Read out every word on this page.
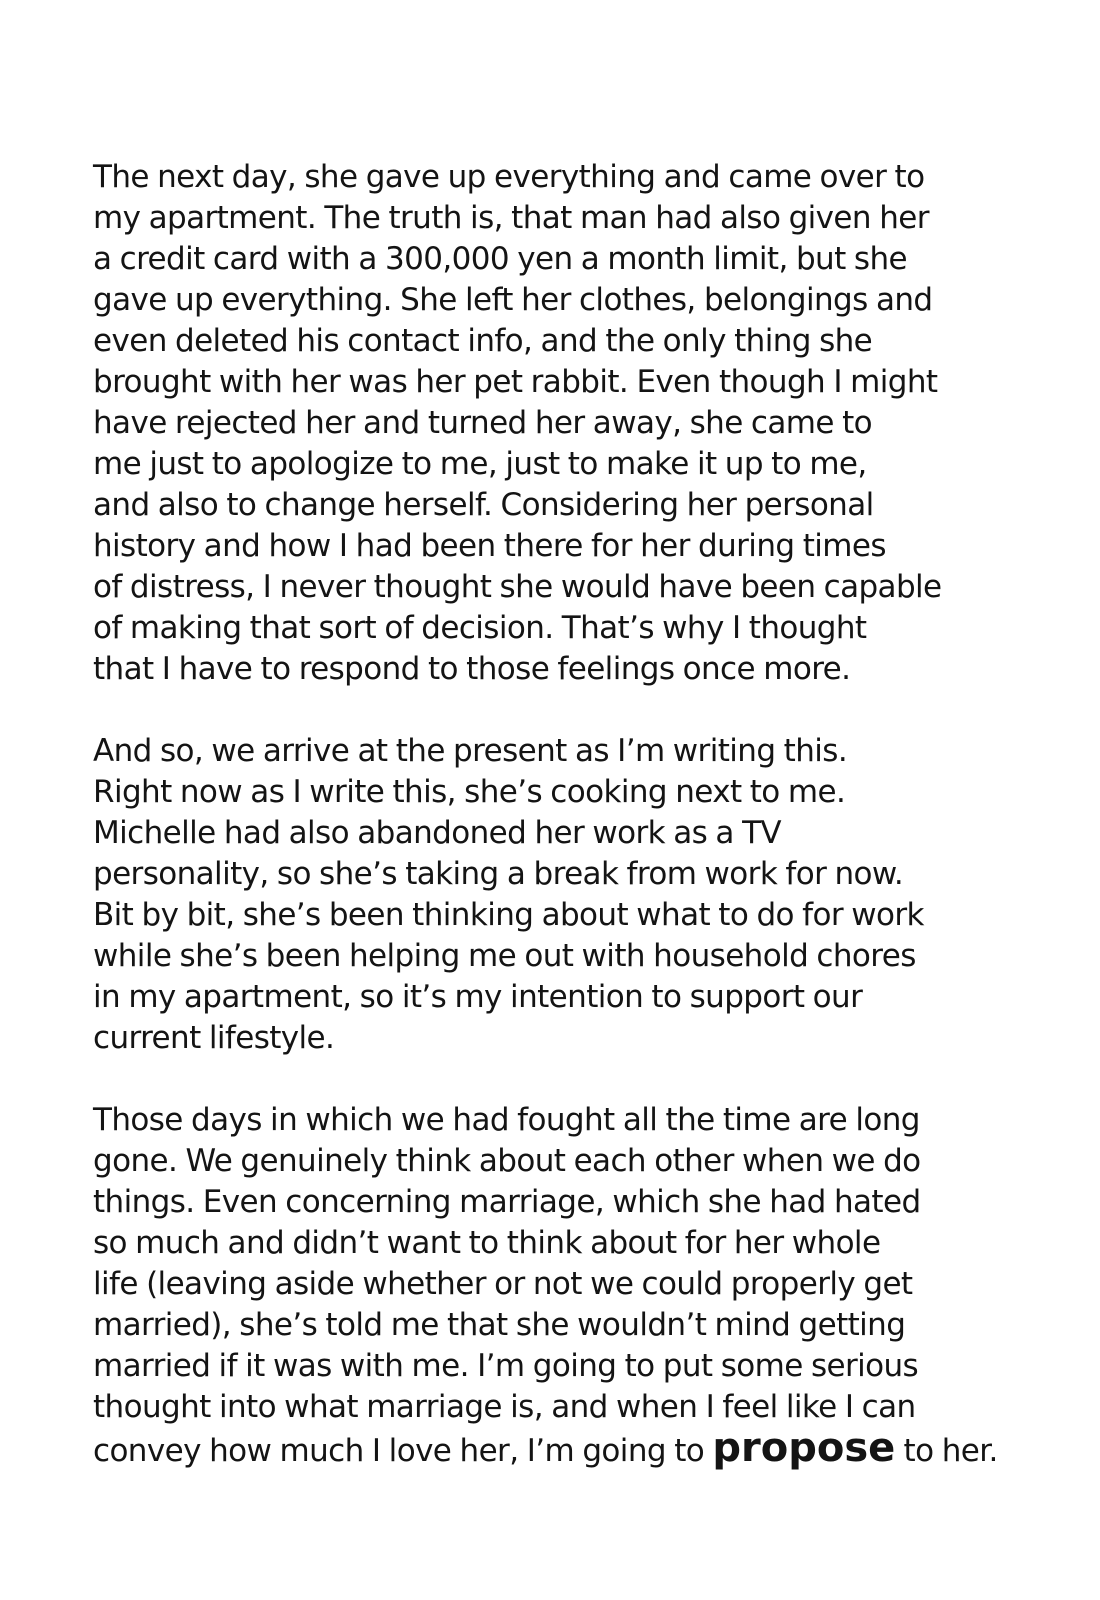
The next day, she gave up everything and came over to
my apartment. The truth is, that man had also given her
a credit card with a 300,000 yen a month limit, but she
gave up everything. She left her clothes, belongings and
even deleted his contact info, and the only thing she
brought with her was her pet rabbit. Even though I might
have rejected her and turned her away, she came to
me just to apologize to me, just to make it up to me,
and also to change herself. Considering her personal
history and how I had been there for her during times
of distress, I never thought she would have been capable
of making that sort of decision. That’s why I thought
that I have to respond to those feelings once more.
And so, we arrive at the present as I’m writing this.
Right now as I write this, she’s cooking next to me.
Michelle had also abandoned her work as a TV
personality, so she’s taking a break from work for now.
Bit by bit, she’s been thinking about what to do for work
while she’s been helping me out with household chores
in my apartment, so it’s my intention to support our
current lifestyle.
Those days in which we had fought all the time are long
gone. We genuinely think about each other when we do
things. Even concerning marriage, which she had hated
so much and didn’t want to think about for her whole
life (leaving aside whether or not we could properly get
married), she’s told me that she wouldn’t mind getting
married if it was with me. I’m going to put some serious
thought into what marriage is, and when I feel like I can
convey how much I love her, I’m going to propose to her.
